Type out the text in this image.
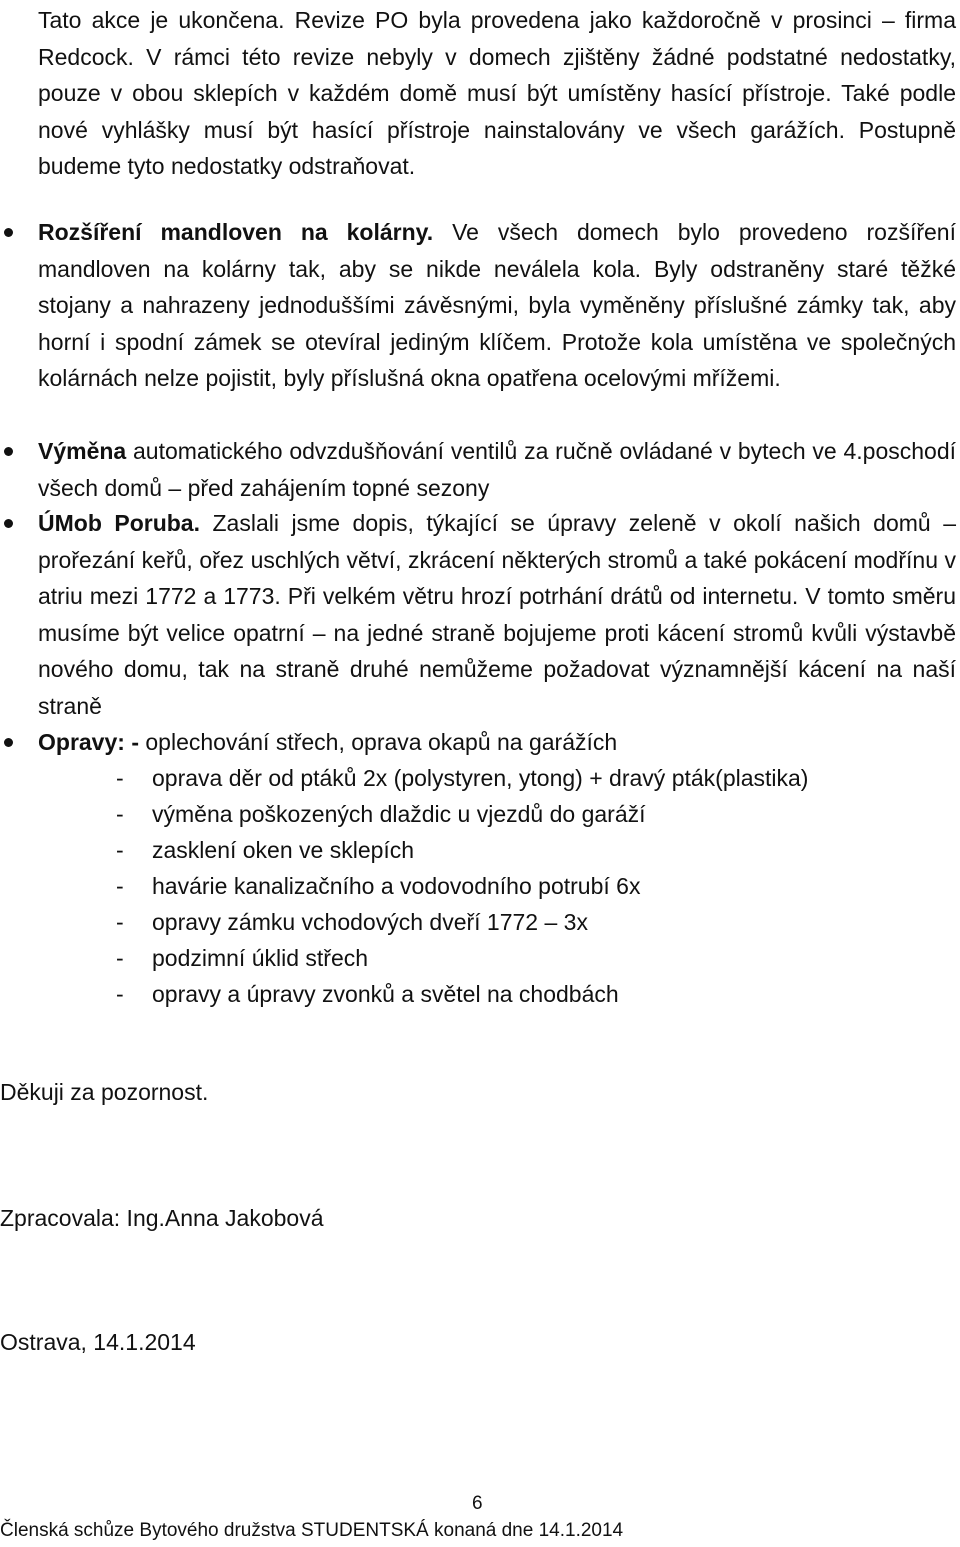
Tato akce je ukončena. Revize PO byla provedena jako každoročně v prosinci – firma Redcock. V rámci této revize nebyly v domech zjištěny žádné podstatné nedostatky, pouze v obou sklepích v každém domě musí být umístěny hasící přístroje. Také podle nové vyhlášky musí být hasící přístroje nainstalovány ve všech garážích. Postupně budeme tyto nedostatky odstraňovat.

Rozšíření mandloven na kolárny. Ve všech domech bylo provedeno rozšíření mandloven na kolárny tak, aby se nikde neválela kola. Byly odstraněny staré těžké stojany a nahrazeny jednoduššími závěsnými, byla vyměněny příslušné zámky tak, aby horní i spodní zámek se otevíral jediným klíčem. Protože kola umístěna ve společných kolárnách nelze pojistit, byly příslušná okna opatřena ocelovými mřížemi.

Výměna automatického odvzdušňování ventilů za ručně ovládané v bytech ve 4.poschodí všech domů – před zahájením topné sezony

ÚMob Poruba. Zaslali jsme dopis, týkající se úpravy zeleně v okolí našich domů – prořezání keřů, ořez uschlých větví, zkrácení některých stromů a také pokácení modřínu v atriu mezi 1772 a 1773. Při velkém větru hrozí potrhání drátů od internetu. V tomto směru musíme být velice opatrní – na jedné straně bojujeme proti kácení stromů kvůli výstavbě nového domu, tak na straně druhé nemůžeme požadovat významnější kácení na naší straně

Opravy: - oplechování střech, oprava okapů na garážích
- oprava děr od ptáků 2x (polystyren, ytong) + dravý pták(plastika)
- výměna poškozených dlaždic u vjezdů do garáží
- zasklení oken ve sklepích
- havárie kanalizačního a vodovodního potrubí 6x
- opravy zámku vchodových dveří 1772 – 3x
- podzimní úklid střech
- opravy a úpravy zvonků a světel na chodbách
Děkuji za pozornost.
Zpracovala: Ing.Anna Jakobová
Ostrava, 14.1.2014
6
Členská schůze Bytového družstva STUDENTSKÁ konaná dne 14.1.2014
